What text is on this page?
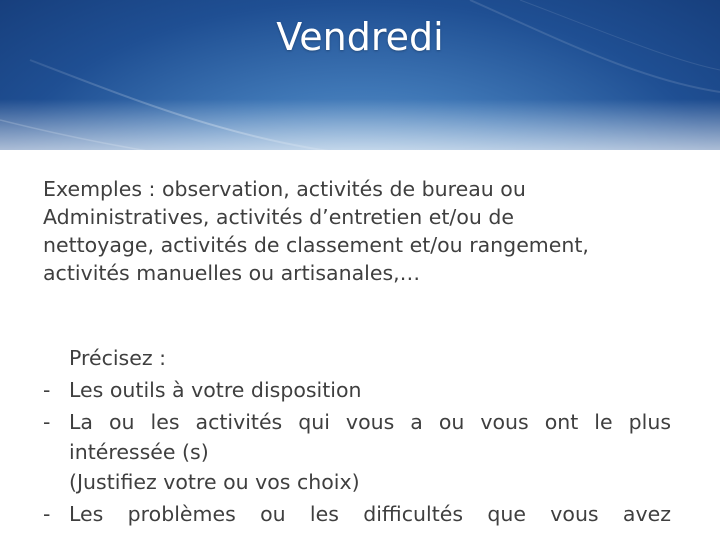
Vendredi
Exemples : observation, activités de bureau ou
Administratives, activités d’entretien et/ou de
nettoyage, activités de classement et/ou rangement,
activités manuelles ou artisanales,…
Précisez :
- Les outils à votre disposition
- La ou les activités qui vous a ou vous ont le plus
intéressée (s)
(Justifiez votre ou vos choix)
- Les problèmes ou les difficultés que vous avez
